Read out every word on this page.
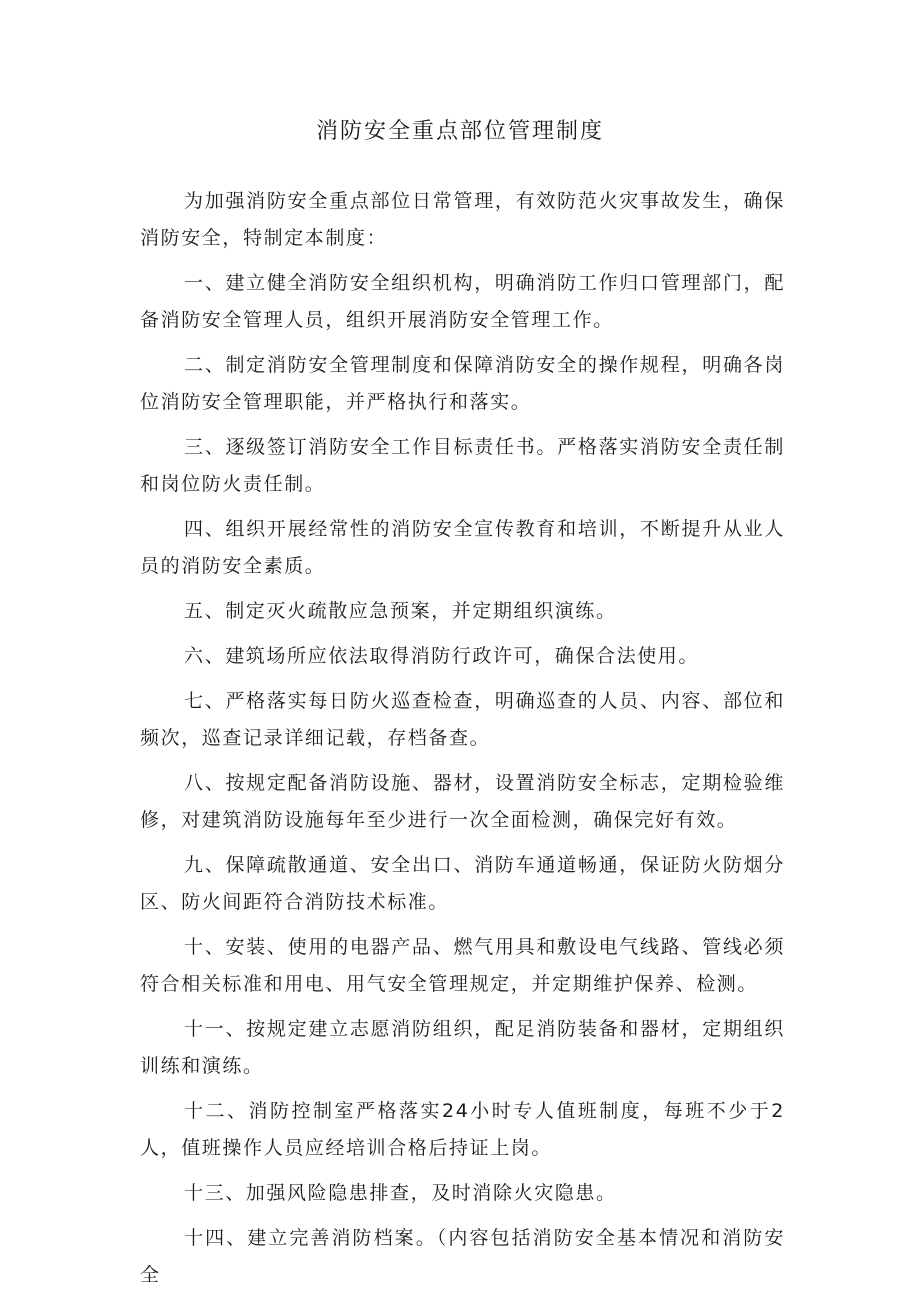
消防安全重点部位管理制度

为加强消防安全重点部位日常管理，有效防范火灾事故发生，确保消防安全，特制定本制度：

一、建立健全消防安全组织机构，明确消防工作归口管理部门，配备消防安全管理人员，组织开展消防安全管理工作。

二、制定消防安全管理制度和保障消防安全的操作规程，明确各岗位消防安全管理职能，并严格执行和落实。

三、逐级签订消防安全工作目标责任书。严格落实消防安全责任制和岗位防火责任制。

四、组织开展经常性的消防安全宣传教育和培训，不断提升从业人员的消防安全素质。

五、制定灭火疏散应急预案，并定期组织演练。

六、建筑场所应依法取得消防行政许可，确保合法使用。

七、严格落实每日防火巡查检查，明确巡查的人员、内容、部位和频次，巡查记录详细记载，存档备查。

八、按规定配备消防设施、器材，设置消防安全标志，定期检验维修，对建筑消防设施每年至少进行一次全面检测，确保完好有效。

九、保障疏散通道、安全出口、消防车通道畅通，保证防火防烟分区、防火间距符合消防技术标准。

十、安装、使用的电器产品、燃气用具和敷设电气线路、管线必须符合相关标准和用电、用气安全管理规定，并定期维护保养、检测。

十一、按规定建立志愿消防组织，配足消防装备和器材，定期组织训练和演练。

十二、消防控制室严格落实24小时专人值班制度，每班不少于2人，值班操作人员应经培训合格后持证上岗。

十三、加强风险隐患排查，及时消除火灾隐患。

十四、建立完善消防档案。（内容包括消防安全基本情况和消防安全
